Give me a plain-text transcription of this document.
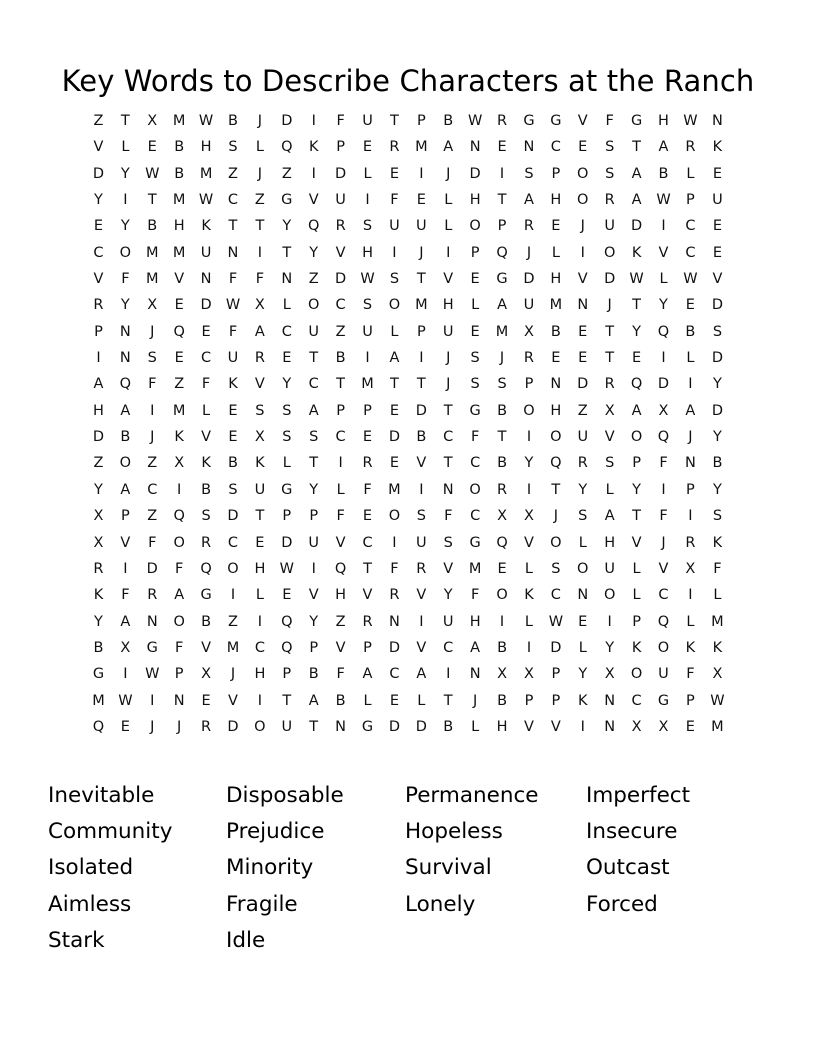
Key Words to Describe Characters at the Ranch
Z	T	X	M	W	B	J	D	I	F	U	T	P	B	W	R	G	G	V	F	G	H	W	N
V	L	E	B	H	S	L	Q	K	P	E	R	M	A	N	E	N	C	E	S	T	A	R	K
D	Y	W	B	M	Z	J	Z	I	D	L	E	I	J	D	I	S	P	O	S	A	B	L	E
Y	I	T	M	W	C	Z	G	V	U	I	F	E	L	H	T	A	H	O	R	A	W	P	U
E	Y	B	H	K	T	T	Y	Q	R	S	U	U	L	O	P	R	E	J	U	D	I	C	E
C	O	M	M	U	N	I	T	Y	V	H	I	J	I	P	Q	J	L	I	O	K	V	C	E
V	F	M	V	N	F	F	N	Z	D	W	S	T	V	E	G	D	H	V	D	W	L	W	V
R	Y	X	E	D	W	X	L	O	C	S	O	M	H	L	A	U	M	N	J	T	Y	E	D
P	N	J	Q	E	F	A	C	U	Z	U	L	P	U	E	M	X	B	E	T	Y	Q	B	S
I	N	S	E	C	U	R	E	T	B	I	A	I	J	S	J	R	E	E	T	E	I	L	D
A	Q	F	Z	F	K	V	Y	C	T	M	T	T	J	S	S	P	N	D	R	Q	D	I	Y
H	A	I	M	L	E	S	S	A	P	P	E	D	T	G	B	O	H	Z	X	A	X	A	D
D	B	J	K	V	E	X	S	S	C	E	D	B	C	F	T	I	O	U	V	O	Q	J	Y
Z	O	Z	X	K	B	K	L	T	I	R	E	V	T	C	B	Y	Q	R	S	P	F	N	B
Y	A	C	I	B	S	U	G	Y	L	F	M	I	N	O	R	I	T	Y	L	Y	I	P	Y
X	P	Z	Q	S	D	T	P	P	F	E	O	S	F	C	X	X	J	S	A	T	F	I	S
X	V	F	O	R	C	E	D	U	V	C	I	U	S	G	Q	V	O	L	H	V	J	R	K
R	I	D	F	Q	O	H	W	I	Q	T	F	R	V	M	E	L	S	O	U	L	V	X	F
K	F	R	A	G	I	L	E	V	H	V	R	V	Y	F	O	K	C	N	O	L	C	I	L
Y	A	N	O	B	Z	I	Q	Y	Z	R	N	I	U	H	I	L	W	E	I	P	Q	L	M
B	X	G	F	V	M	C	Q	P	V	P	D	V	C	A	B	I	D	L	Y	K	O	K	K
G	I	W	P	X	J	H	P	B	F	A	C	A	I	N	X	X	P	Y	X	O	U	F	X
M	W	I	N	E	V	I	T	A	B	L	E	L	T	J	B	P	P	K	N	C	G	P	W
Q	E	J	J	R	D	O	U	T	N	G	D	D	B	L	H	V	V	I	N	X	X	E	M
Inevitable
Community
Isolated
Aimless
Stark
Disposable
Prejudice
Minority
Fragile
Idle
Permanence
Hopeless
Survival
Lonely
Imperfect
Insecure
Outcast
Forced
